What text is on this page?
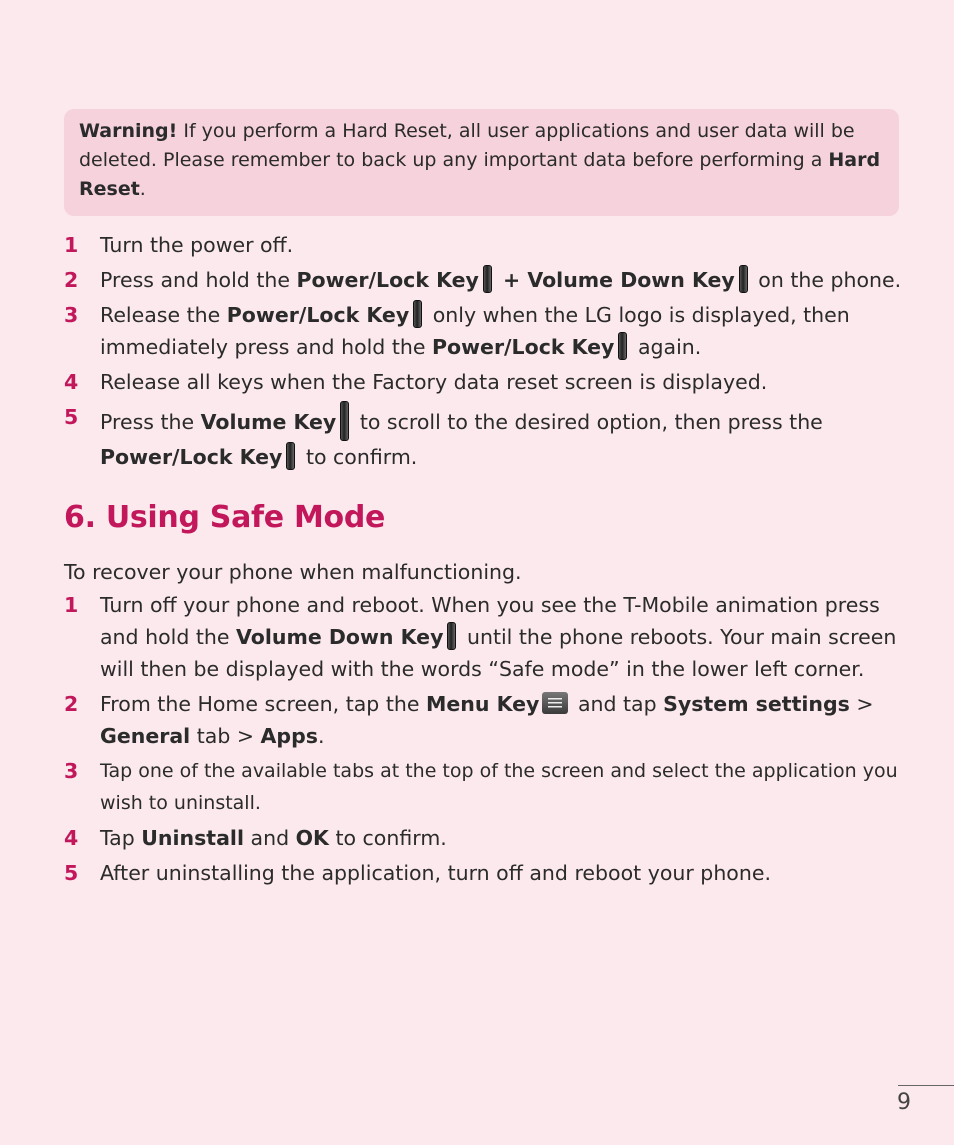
Warning! If you perform a Hard Reset, all user applications and user data will be deleted. Please remember to back up any important data before performing a Hard Reset.
1 Turn the power off.
2 Press and hold the Power/Lock Key + Volume Down Key on the phone.
3 Release the Power/Lock Key only when the LG logo is displayed, then immediately press and hold the Power/Lock Key again.
4 Release all keys when the Factory data reset screen is displayed.
5 Press the Volume Key to scroll to the desired option, then press the Power/Lock Key to confirm.
6. Using Safe Mode

To recover your phone when malfunctioning.

1 Turn off your phone and reboot. When you see the T-Mobile animation press and hold the Volume Down Key until the phone reboots. Your main screen will then be displayed with the words “Safe mode” in the lower left corner.
2 From the Home screen, tap the Menu Key and tap System settings > General tab > Apps.
3 Tap one of the available tabs at the top of the screen and select the application you wish to uninstall.
4 Tap Uninstall and OK to confirm.
5 After uninstalling the application, turn off and reboot your phone.
9
